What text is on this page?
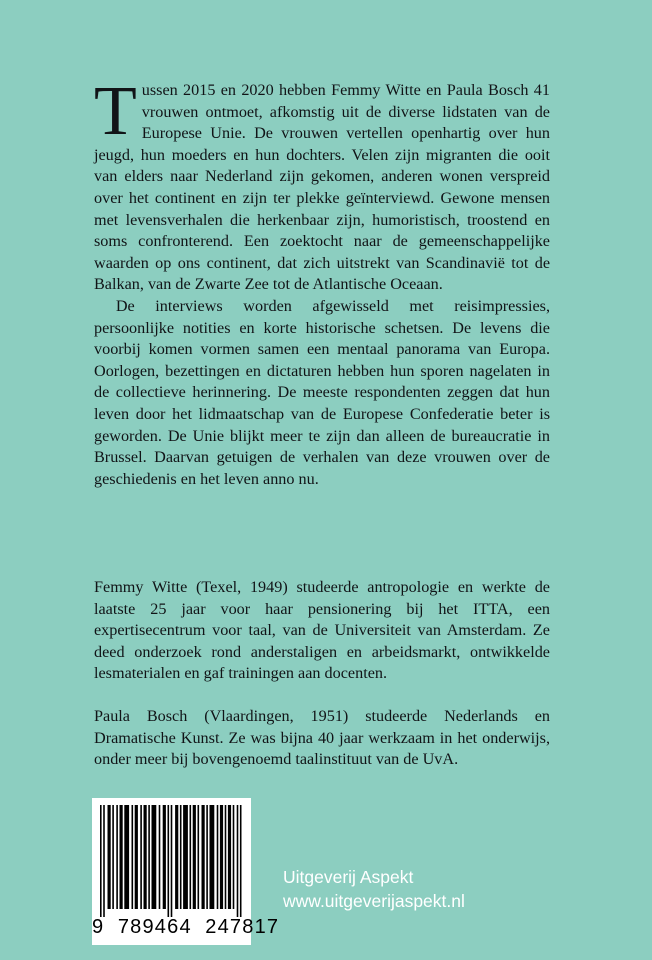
Tussen 2015 en 2020 hebben Femmy Witte en Paula Bosch 41 vrouwen ontmoet, afkomstig uit de diverse lidstaten van de Europese Unie. De vrouwen vertellen openhartig over hun jeugd, hun moeders en hun dochters. Velen zijn migranten die ooit van elders naar Nederland zijn gekomen, anderen wonen verspreid over het continent en zijn ter plekke geïnterviewd. Gewone mensen met levensverhalen die herkenbaar zijn, humoristisch, troostend en soms confronterend. Een zoektocht naar de gemeenschappelijke waarden op ons continent, dat zich uitstrekt van Scandinavië tot de Balkan, van de Zwarte Zee tot de Atlantische Oceaan.

De interviews worden afgewisseld met reisimpressies, persoonlijke notities en korte historische schetsen. De levens die voorbij komen vormen samen een mentaal panorama van Europa. Oorlogen, bezettingen en dictaturen hebben hun sporen nagelaten in de collectieve herinnering. De meeste respondenten zeggen dat hun leven door het lidmaatschap van de Europese Confederatie beter is geworden. De Unie blijkt meer te zijn dan alleen de bureaucratie in Brussel. Daarvan getuigen de verhalen van deze vrouwen over de geschiedenis en het leven anno nu.

Femmy Witte (Texel, 1949) studeerde antropologie en werkte de laatste 25 jaar voor haar pensionering bij het ITTA, een expertisecentrum voor taal, van de Universiteit van Amsterdam. Ze deed onderzoek rond anderstaligen en arbeidsmarkt, ontwikkelde lesmaterialen en gaf trainingen aan docenten.

Paula Bosch (Vlaardingen, 1951) studeerde Nederlands en Dramatische Kunst. Ze was bijna 40 jaar werkzaam in het onderwijs, onder meer bij bovengenoemd taalinstituut van de UvA.

9  789464  247817
Uitgeverij Aspekt
www.uitgeverijaspekt.nl
